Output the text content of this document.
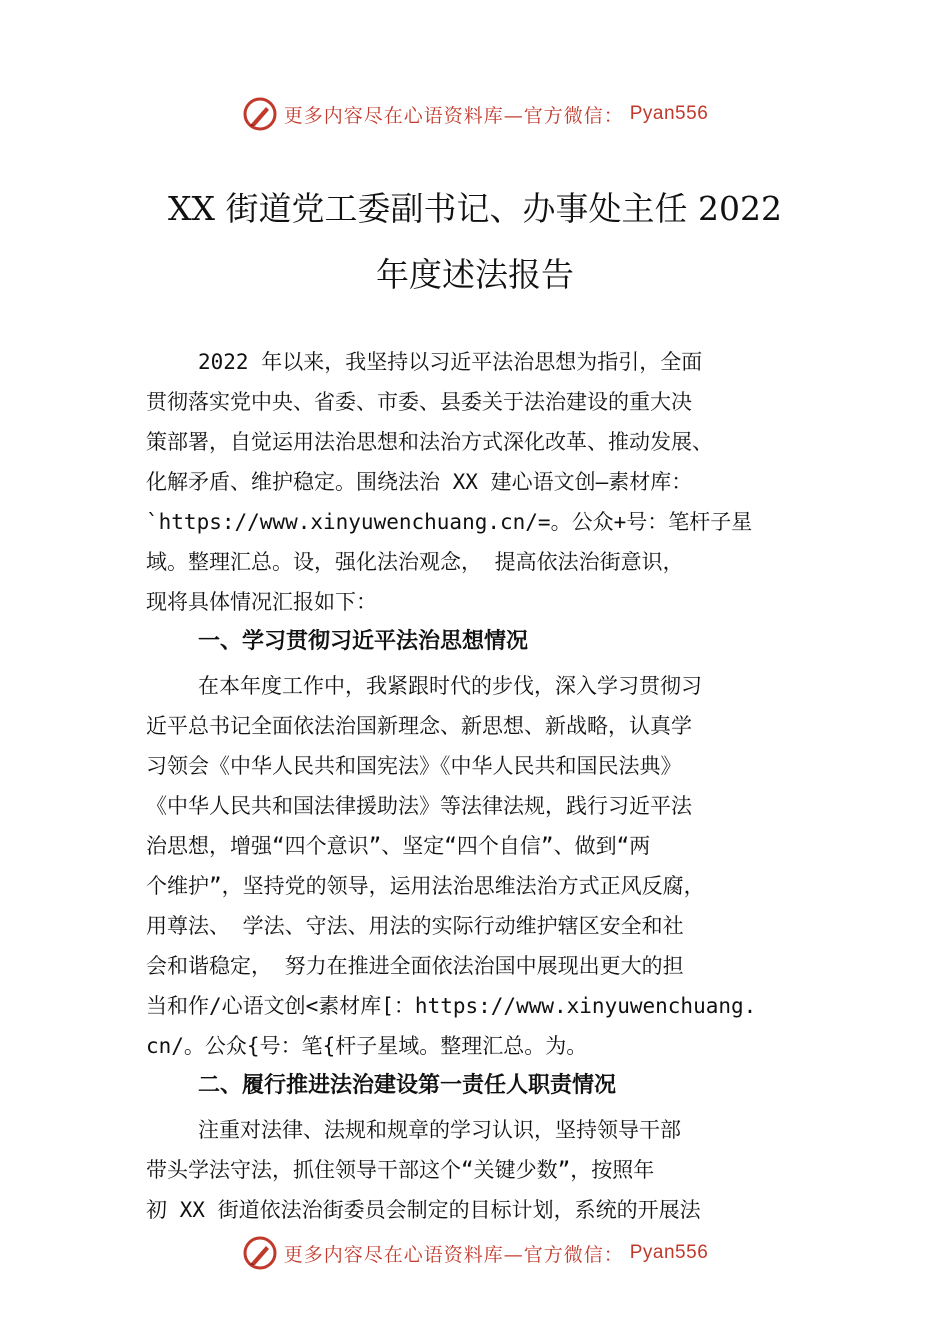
更多内容尽在心语资料库—官方微信： Pyan556
XX 街道党工委副书记、办事处主任 2022
年度述法报告
2022 年以来，我坚持以习近平法治思想为指引，全面
贯彻落实党中央、省委、市委、县委关于法治建设的重大决
策部署，自觉运用法治思想和法治方式深化改革、推动发展、
化解矛盾、维护稳定。围绕法治 XX 建心语文创—素材库：
`https://www.xinyuwenchuang.cn/=。公众+号：笔杆子星
域。整理汇总。设，强化法治观念， 提高依法治街意识，
现将具体情况汇报如下：
一、学习贯彻习近平法治思想情况
在本年度工作中，我紧跟时代的步伐，深入学习贯彻习
近平总书记全面依法治国新理念、新思想、新战略，认真学
习领会《中华人民共和国宪法》《中华人民共和国民法典》
《中华人民共和国法律援助法》等法律法规，践行习近平法
治思想，增强“四个意识”、坚定“四个自信”、做到“两
个维护”，坚持党的领导，运用法治思维法治方式正风反腐，
用尊法、 学法、守法、用法的实际行动维护辖区安全和社
会和谐稳定， 努力在推进全面依法治国中展现出更大的担
当和作/心语文创<素材库[：https://www.xinyuwenchuang.
cn/。公众{号：笔{杆子星域。整理汇总。为。
二、履行推进法治建设第一责任人职责情况
注重对法律、法规和规章的学习认识，坚持领导干部
带头学法守法，抓住领导干部这个“关键少数”，按照年
初 XX 街道依法治街委员会制定的目标计划，系统的开展法
更多内容尽在心语资料库—官方微信： Pyan556
